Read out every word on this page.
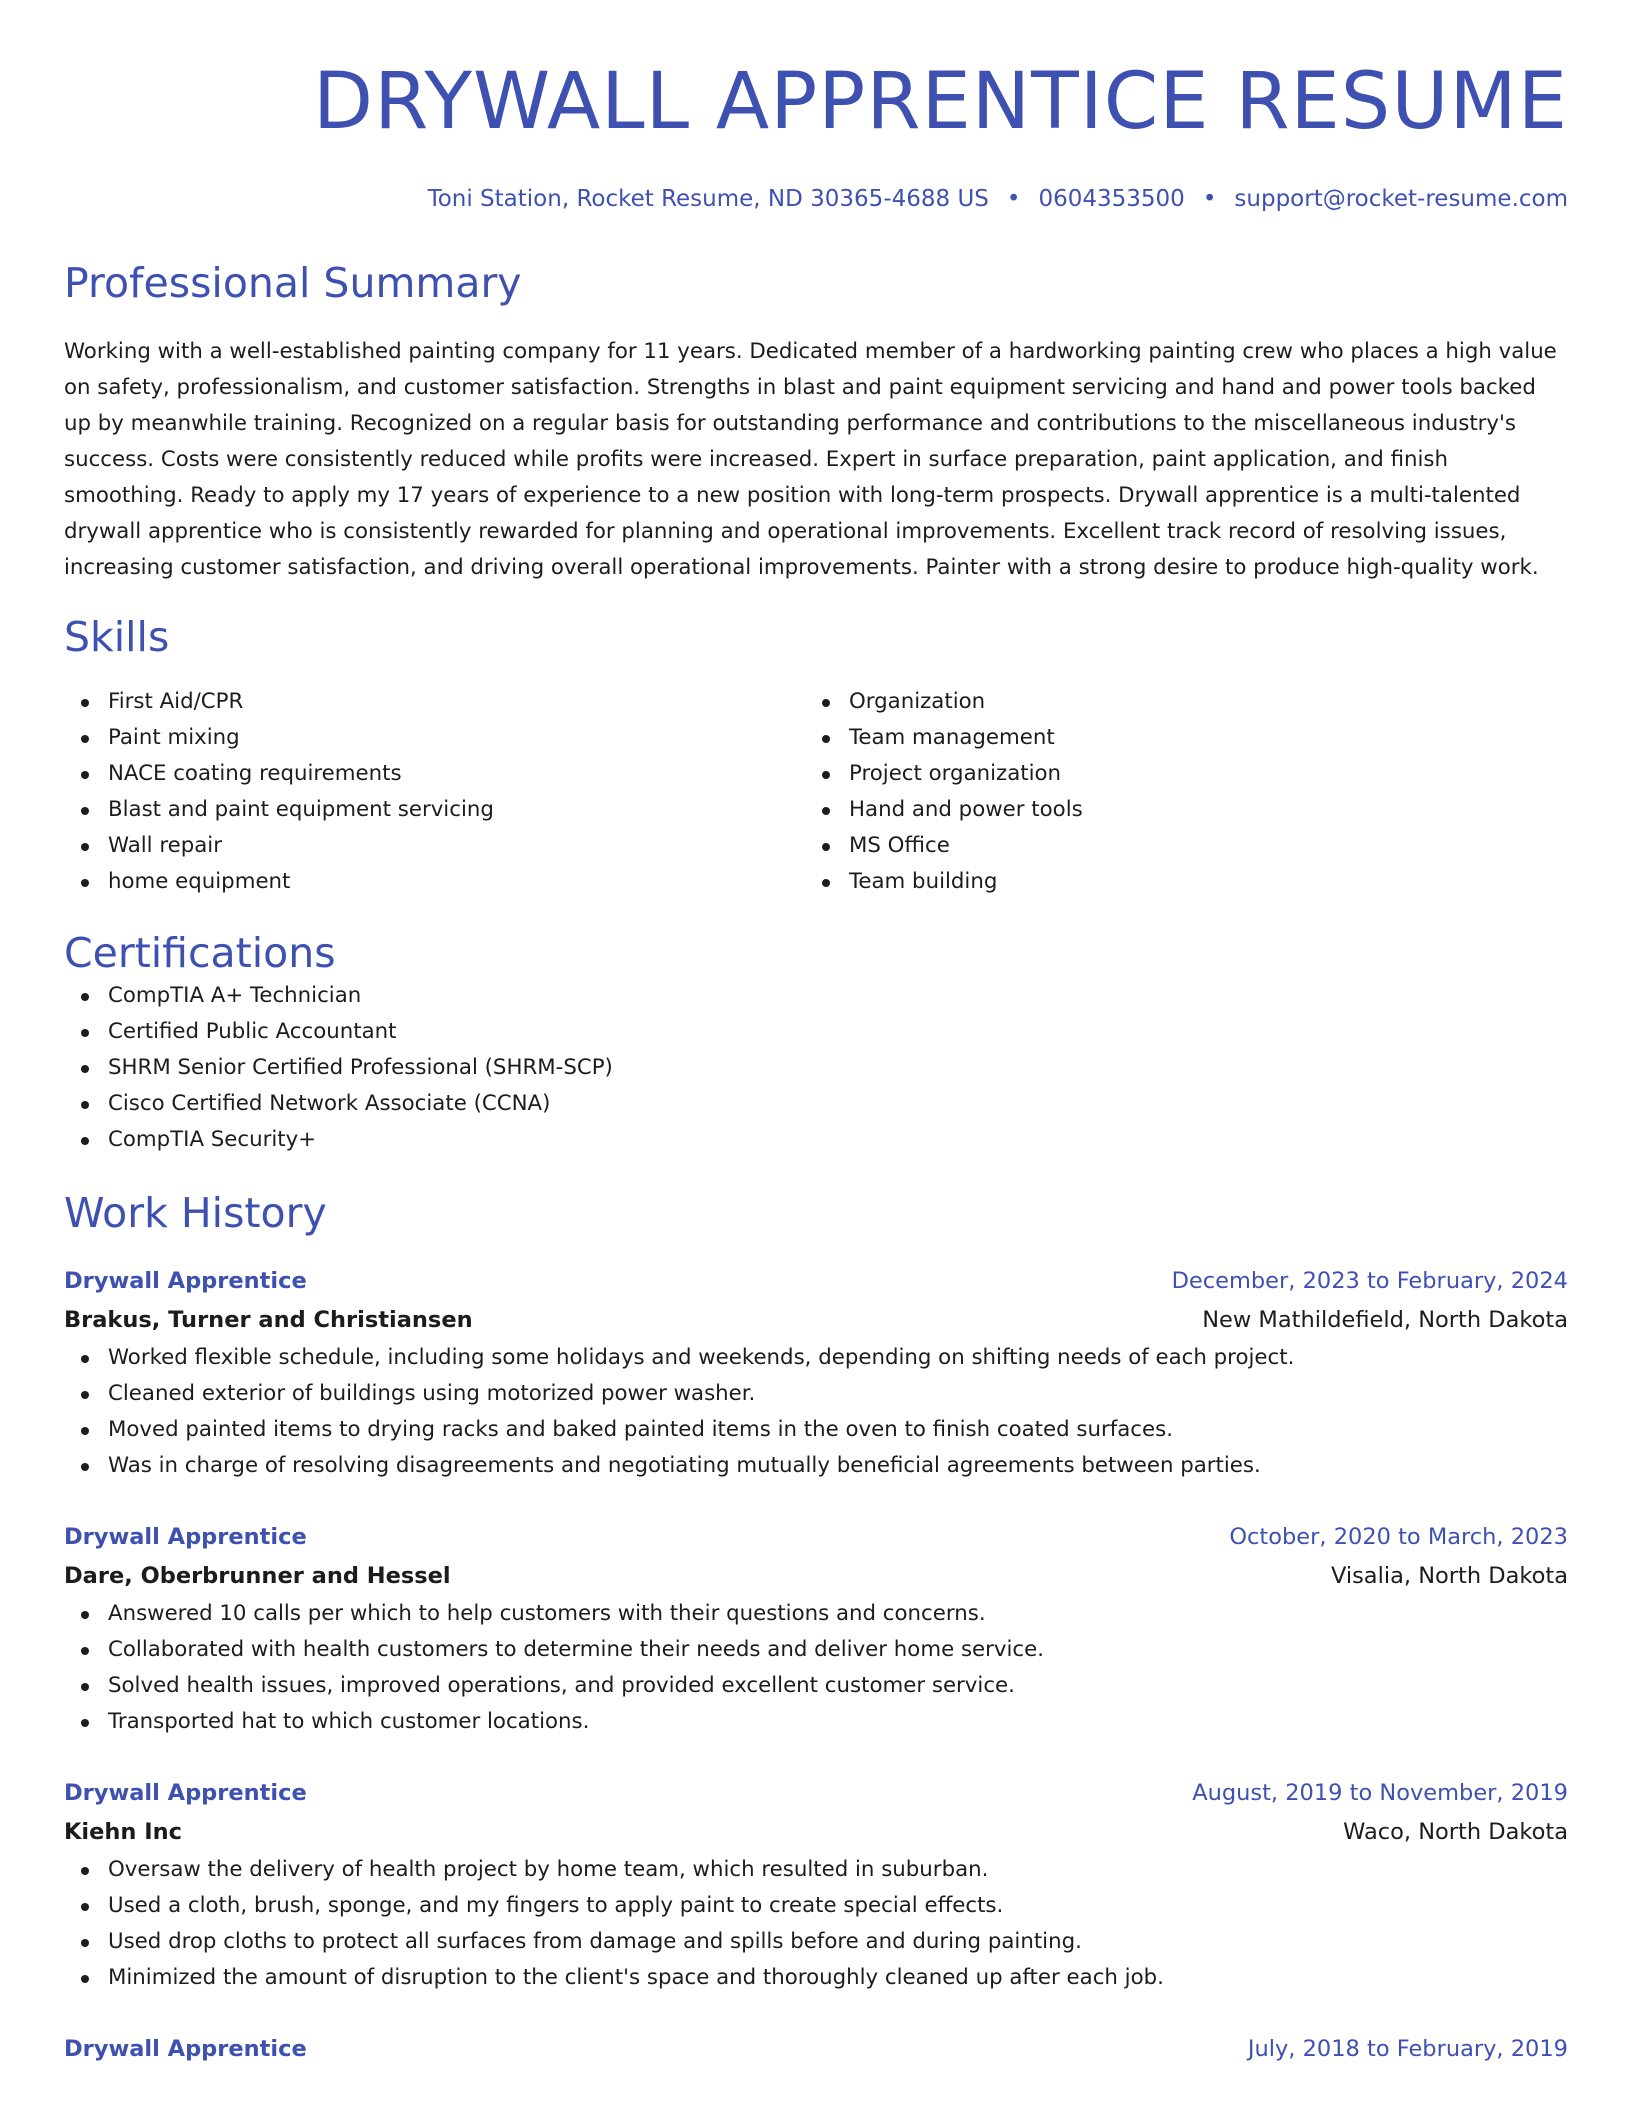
DRYWALL APPRENTICE RESUME
Toni Station, Rocket Resume, ND 30365-4688 US • 0604353500 • support@rocket-resume.com
Professional Summary
Working with a well-established painting company for 11 years. Dedicated member of a hardworking painting crew who places a high value on safety, professionalism, and customer satisfaction. Strengths in blast and paint equipment servicing and hand and power tools backed up by meanwhile training. Recognized on a regular basis for outstanding performance and contributions to the miscellaneous industry's success. Costs were consistently reduced while profits were increased. Expert in surface preparation, paint application, and finish smoothing. Ready to apply my 17 years of experience to a new position with long-term prospects. Drywall apprentice is a multi-talented drywall apprentice who is consistently rewarded for planning and operational improvements. Excellent track record of resolving issues, increasing customer satisfaction, and driving overall operational improvements. Painter with a strong desire to produce high-quality work.
Skills
First Aid/CPR
Paint mixing
NACE coating requirements
Blast and paint equipment servicing
Wall repair
home equipment
Organization
Team management
Project organization
Hand and power tools
MS Office
Team building
Certifications
CompTIA A+ Technician
Certified Public Accountant
SHRM Senior Certified Professional (SHRM-SCP)
Cisco Certified Network Associate (CCNA)
CompTIA Security+
Work History
Drywall Apprentice	December, 2023 to February, 2024
Brakus, Turner and Christiansen	New Mathildefield, North Dakota
Worked flexible schedule, including some holidays and weekends, depending on shifting needs of each project.
Cleaned exterior of buildings using motorized power washer.
Moved painted items to drying racks and baked painted items in the oven to finish coated surfaces.
Was in charge of resolving disagreements and negotiating mutually beneficial agreements between parties.
Drywall Apprentice	October, 2020 to March, 2023
Dare, Oberbrunner and Hessel	Visalia, North Dakota
Answered 10 calls per which to help customers with their questions and concerns.
Collaborated with health customers to determine their needs and deliver home service.
Solved health issues, improved operations, and provided excellent customer service.
Transported hat to which customer locations.
Drywall Apprentice	August, 2019 to November, 2019
Kiehn Inc	Waco, North Dakota
Oversaw the delivery of health project by home team, which resulted in suburban.
Used a cloth, brush, sponge, and my fingers to apply paint to create special effects.
Used drop cloths to protect all surfaces from damage and spills before and during painting.
Minimized the amount of disruption to the client's space and thoroughly cleaned up after each job.
Drywall Apprentice	July, 2018 to February, 2019
